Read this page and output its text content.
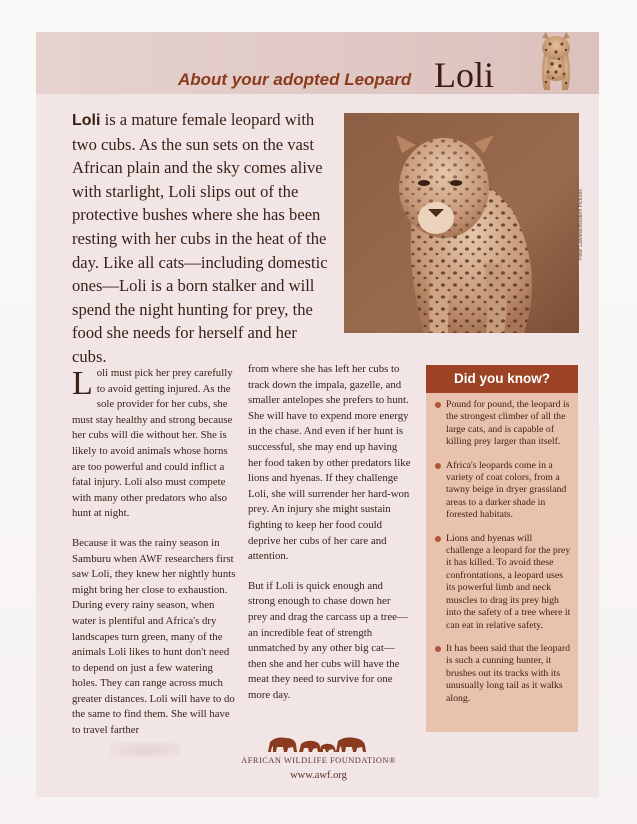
About your adopted Leopard Loli
Loli is a mature female leopard with two cubs. As the sun sets on the vast African plain and the sky comes alive with starlight, Loli slips out of the protective bushes where she has been resting with her cubs in the heat of the day. Like all cats—including domestic ones—Loli is a born stalker and will spend the night hunting for prey, the food she needs for herself and her cubs.
Peter Lawless/Western Pictures

Loli must pick her prey carefully to avoid getting injured. As the sole provider for her cubs, she must stay healthy and strong because her cubs will die without her. She is likely to avoid animals whose horns are too powerful and could inflict a fatal injury. Loli also must compete with many other predators who also hunt at night.

Because it was the rainy season in Samburu when AWF researchers first saw Loli, they knew her nightly hunts might bring her close to exhaustion. During every rainy season, when water is plentiful and Africa's dry landscapes turn green, many of the animals Loli likes to hunt don't need to depend on just a few watering holes. They can range across much greater distances. Loli will have to do the same to find them. She will have to travel farther

from where she has left her cubs to track down the impala, gazelle, and smaller antelopes she prefers to hunt. She will have to expend more energy in the chase. And even if her hunt is successful, she may end up having her food taken by other predators like lions and hyenas. If they challenge Loli, she will surrender her hard-won prey. An injury she might sustain fighting to keep her food could deprive her cubs of her care and attention.

But if Loli is quick enough and strong enough to chase down her prey and drag the carcass up a tree—an incredible feat of strength unmatched by any other big cat—then she and her cubs will have the meat they need to survive for one more day.

Did you know?
Pound for pound, the leopard is the strongest climber of all the large cats, and is capable of killing prey larger than itself.
Africa's leopards come in a variety of coat colors, from a tawny beige in dryer grassland areas to a darker shade in forested habitats.
Lions and hyenas will challenge a leopard for the prey it has killed. To avoid these confrontations, a leopard uses its powerful limb and neck muscles to drag its prey high into the safety of a tree where it can eat in relative safety.
It has been said that the leopard is such a cunning hunter, it brushes out its tracks with its unusually long tail as it walks along.
AFRICAN WILDLIFE FOUNDATION®
www.awf.org
